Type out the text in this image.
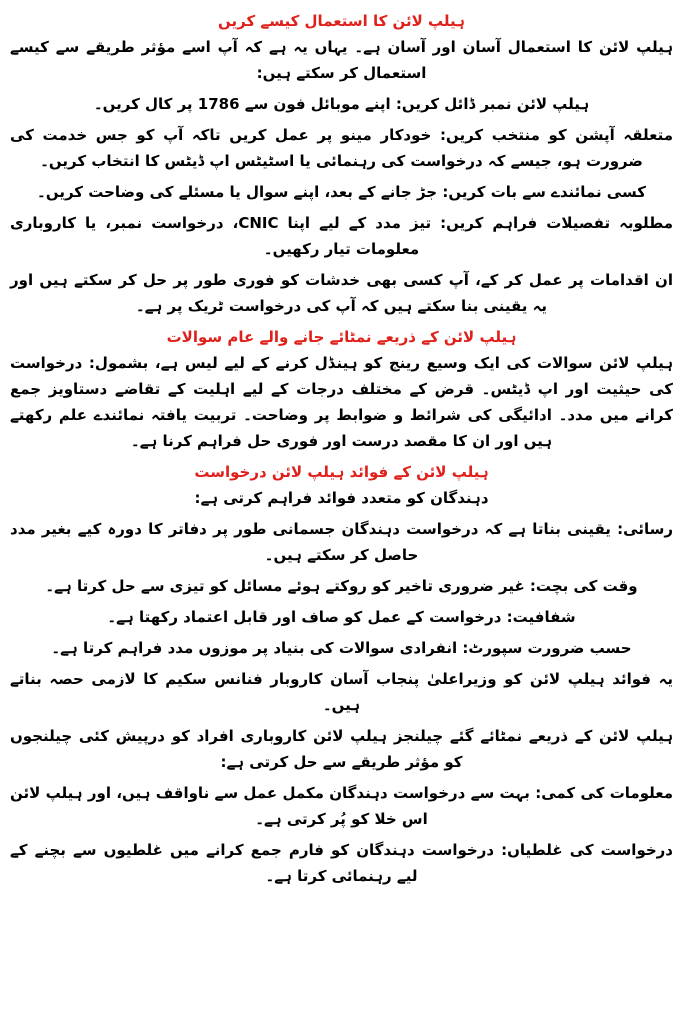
ہیلپ لائن کا استعمال کیسے کریں

ہیلپ لائن کا استعمال آسان اور آسان ہے۔ یہاں یہ ہے کہ آپ اسے مؤثر طریقے سے کیسے استعمال کر سکتے ہیں:

ہیلپ لائن نمبر ڈائل کریں: اپنے موبائل فون سے 1786 پر کال کریں۔

متعلقہ آپشن کو منتخب کریں: خودکار مینو پر عمل کریں تاکہ آپ کو جس خدمت کی ضرورت ہو، جیسے کہ درخواست کی رہنمائی یا اسٹیٹس اپ ڈیٹس کا انتخاب کریں۔

کسی نمائندے سے بات کریں: جڑ جانے کے بعد، اپنے سوال یا مسئلے کی وضاحت کریں۔

مطلوبہ تفصیلات فراہم کریں: تیز مدد کے لیے اپنا CNIC، درخواست نمبر، یا کاروباری معلومات تیار رکھیں۔

ان اقدامات پر عمل کر کے، آپ کسی بھی خدشات کو فوری طور پر حل کر سکتے ہیں اور یہ یقینی بنا سکتے ہیں کہ آپ کی درخواست ٹریک پر ہے۔

ہیلپ لائن کے ذریعے نمٹائے جانے والے عام سوالات

ہیلپ لائن سوالات کی ایک وسیع رینج کو ہینڈل کرنے کے لیے لیس ہے، بشمول: درخواست کی حیثیت اور اپ ڈیٹس۔ قرض کے مختلف درجات کے لیے اہلیت کے تقاضے دستاویز جمع کرانے میں مدد۔ ادائیگی کی شرائط و ضوابط پر وضاحت۔ تربیت یافتہ نمائندے علم رکھتے ہیں اور ان کا مقصد درست اور فوری حل فراہم کرنا ہے۔

ہیلپ لائن کے فوائد ہیلپ لائن درخواست

دہندگان کو متعدد فوائد فراہم کرتی ہے:

رسائی: یقینی بناتا ہے کہ درخواست دہندگان جسمانی طور پر دفاتر کا دورہ کیے بغیر مدد حاصل کر سکتے ہیں۔

وقت کی بچت: غیر ضروری تاخیر کو روکتے ہوئے مسائل کو تیزی سے حل کرتا ہے۔

شفافیت: درخواست کے عمل کو صاف اور قابل اعتماد رکھتا ہے۔

حسب ضرورت سپورٹ: انفرادی سوالات کی بنیاد پر موزوں مدد فراہم کرتا ہے۔

یہ فوائد ہیلپ لائن کو وزیراعلیٰ پنجاب آسان کاروبار فنانس سکیم کا لازمی حصہ بناتے ہیں۔

ہیلپ لائن کے ذریعے نمٹائے گئے چیلنجز ہیلپ لائن کاروباری افراد کو درپیش کئی چیلنجوں کو مؤثر طریقے سے حل کرتی ہے:

معلومات کی کمی: بہت سے درخواست دہندگان مکمل عمل سے ناواقف ہیں، اور ہیلپ لائن اس خلا کو پُر کرتی ہے۔

درخواست کی غلطیاں: درخواست دہندگان کو فارم جمع کرانے میں غلطیوں سے بچنے کے لیے رہنمائی کرتا ہے۔
